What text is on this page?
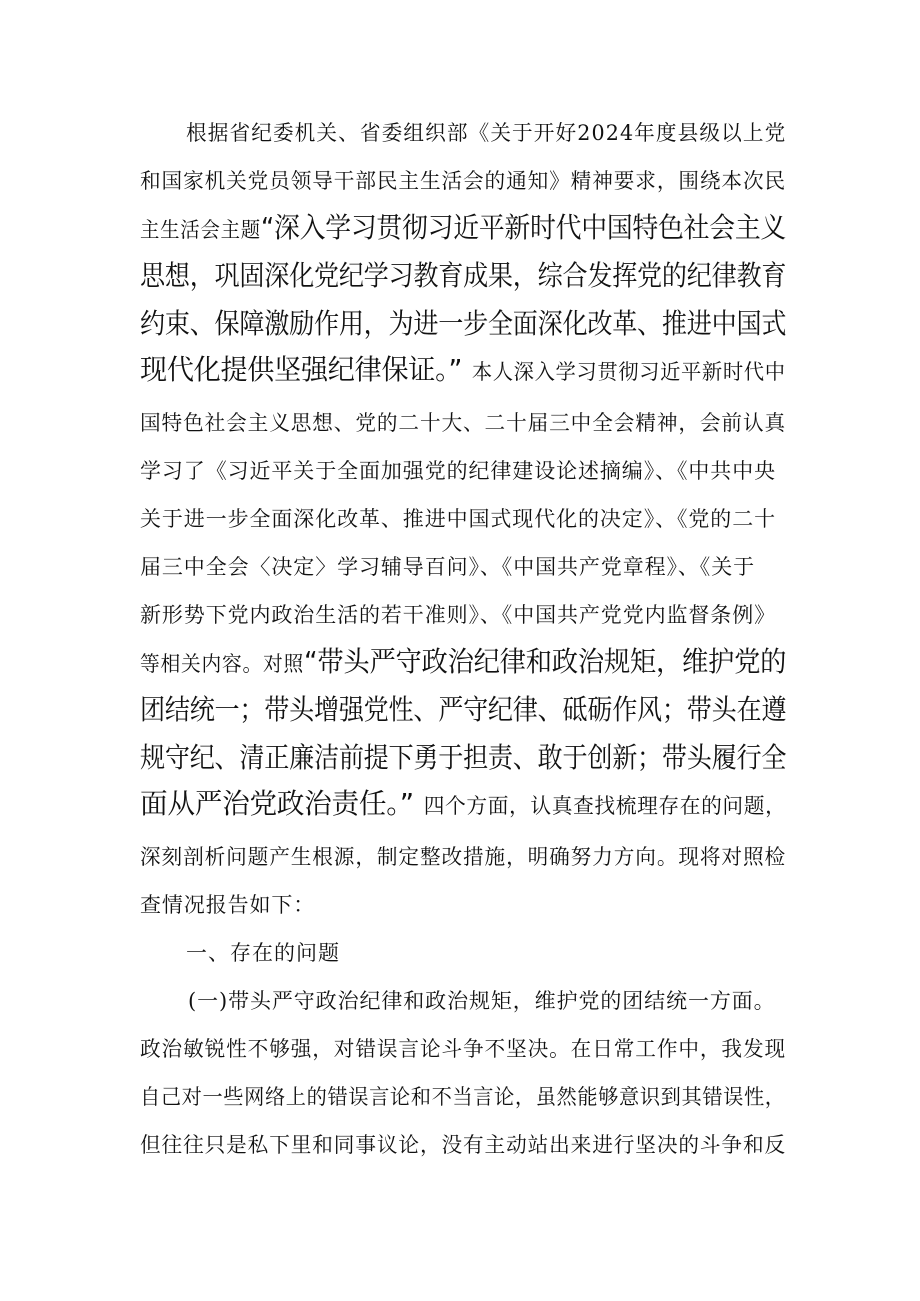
根据省纪委机关、省委组织部《关于开好2024年度县级以上党
和国家机关党员领导干部民主生活会的通知》精神要求，围绕本次民
主生活会主题“深入学习贯彻习近平新时代中国特色社会主义
思想，巩固深化党纪学习教育成果，综合发挥党的纪律教育
约束、保障激励作用，为进一步全面深化改革、推进中国式
现代化提供坚强纪律保证。” 本人深入学习贯彻习近平新时代中
国特色社会主义思想、党的二十大、二十届三中全会精神，会前认真
学习了《习近平关于全面加强党的纪律建设论述摘编》、《中共中央
关于进一步全面深化改革、推进中国式现代化的决定》、《党的二十
届三中全会〈决定〉学习辅导百问》、《中国共产党章程》、《关于
新形势下党内政治生活的若干准则》、《中国共产党党内监督条例》
等相关内容。对照“带头严守政治纪律和政治规矩，维护党的
团结统一；带头增强党性、严守纪律、砥砺作风；带头在遵
规守纪、清正廉洁前提下勇于担责、敢于创新；带头履行全
面从严治党政治责任。” 四个方面，认真查找梳理存在的问题，
深刻剖析问题产生根源，制定整改措施，明确努力方向。现将对照检
查情况报告如下：
一、存在的问题
(一)带头严守政治纪律和政治规矩，维护党的团结统一方面。
政治敏锐性不够强，对错误言论斗争不坚决。在日常工作中，我发现
自己对一些网络上的错误言论和不当言论，虽然能够意识到其错误性，
但往往只是私下里和同事议论，没有主动站出来进行坚决的斗争和反
